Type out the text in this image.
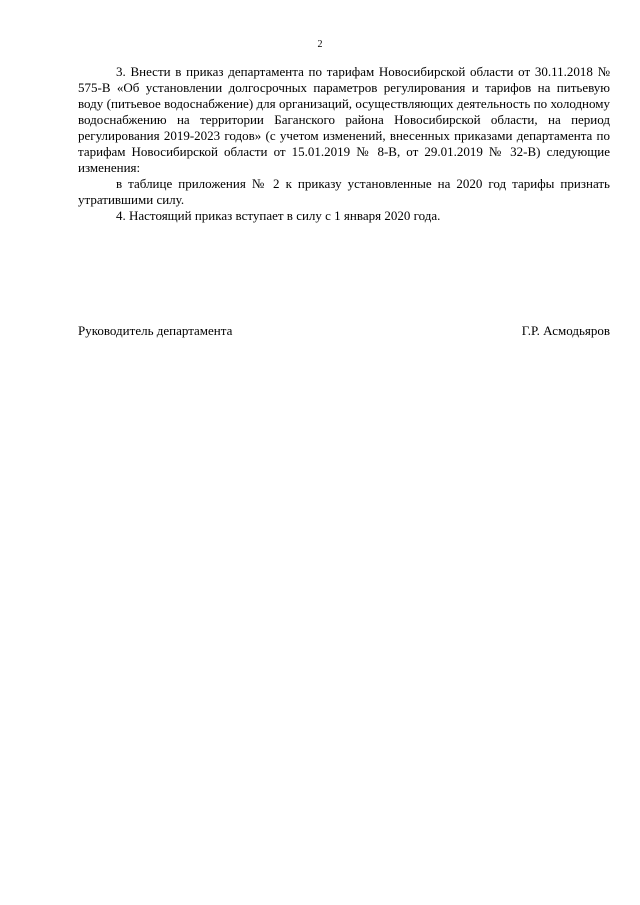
2

3. Внести в приказ департамента по тарифам Новосибирской области от 30.11.2018 № 575-В «Об установлении долгосрочных параметров регулирования и тарифов на питьевую воду (питьевое водоснабжение) для организаций, осуществляющих деятельность по холодному водоснабжению на территории Баганского района Новосибирской области, на период регулирования 2019-2023 годов» (с учетом изменений, внесенных приказами департамента по тарифам Новосибирской области от 15.01.2019 № 8-В, от 29.01.2019 № 32-В) следующие изменения:

в таблице приложения № 2 к приказу установленные на 2020 год тарифы признать утратившими силу.

4. Настоящий приказ вступает в силу с 1 января 2020 года.

Руководитель департамента	Г.Р. Асмодьяров
